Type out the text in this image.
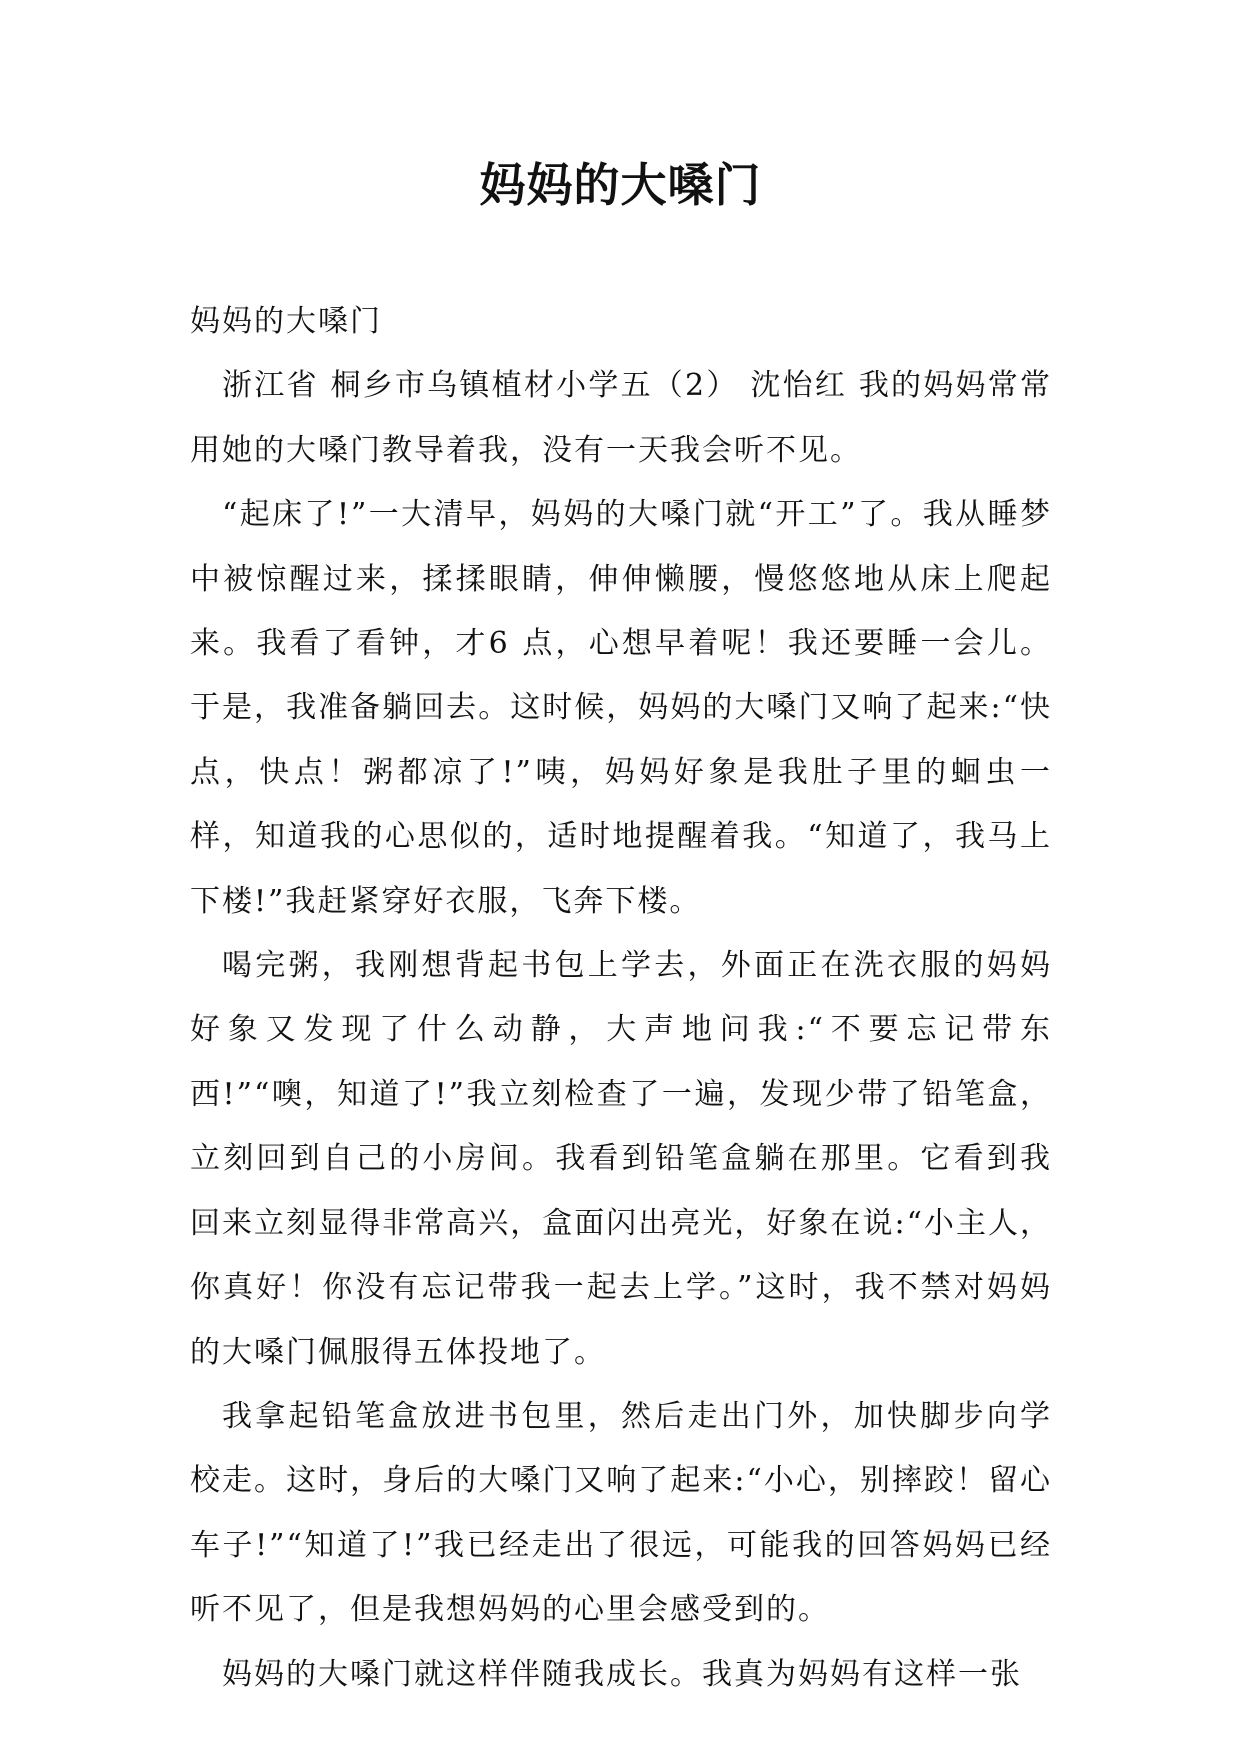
妈妈的大嗓门

妈妈的大嗓门

浙江省 桐乡市乌镇植材小学五（2） 沈怡红 我的妈妈常常用她的大嗓门教导着我，没有一天我会听不见。

“起床了!”一大清早，妈妈的大嗓门就“开工”了。我从睡梦中被惊醒过来，揉揉眼睛，伸伸懒腰，慢悠悠地从床上爬起来。我看了看钟，才6 点，心想早着呢！我还要睡一会儿。于是，我准备躺回去。这时候，妈妈的大嗓门又响了起来:“快点，快点！粥都凉了!”咦，妈妈好象是我肚子里的蛔虫一样，知道我的心思似的，适时地提醒着我。“知道了，我马上下楼!”我赶紧穿好衣服，飞奔下楼。

喝完粥，我刚想背起书包上学去，外面正在洗衣服的妈妈好象又发现了什么动静，大声地问我:“不要忘记带东西!”“噢，知道了!”我立刻检查了一遍，发现少带了铅笔盒，立刻回到自己的小房间。我看到铅笔盒躺在那里。它看到我回来立刻显得非常高兴，盒面闪出亮光，好象在说:“小主人，你真好！你没有忘记带我一起去上学。”这时，我不禁对妈妈的大嗓门佩服得五体投地了。

我拿起铅笔盒放进书包里，然后走出门外，加快脚步向学校走。这时，身后的大嗓门又响了起来:“小心，别摔跤！留心车子!”“知道了!”我已经走出了很远，可能我的回答妈妈已经听不见了，但是我想妈妈的心里会感受到的。

妈妈的大嗓门就这样伴随我成长。我真为妈妈有这样一张
